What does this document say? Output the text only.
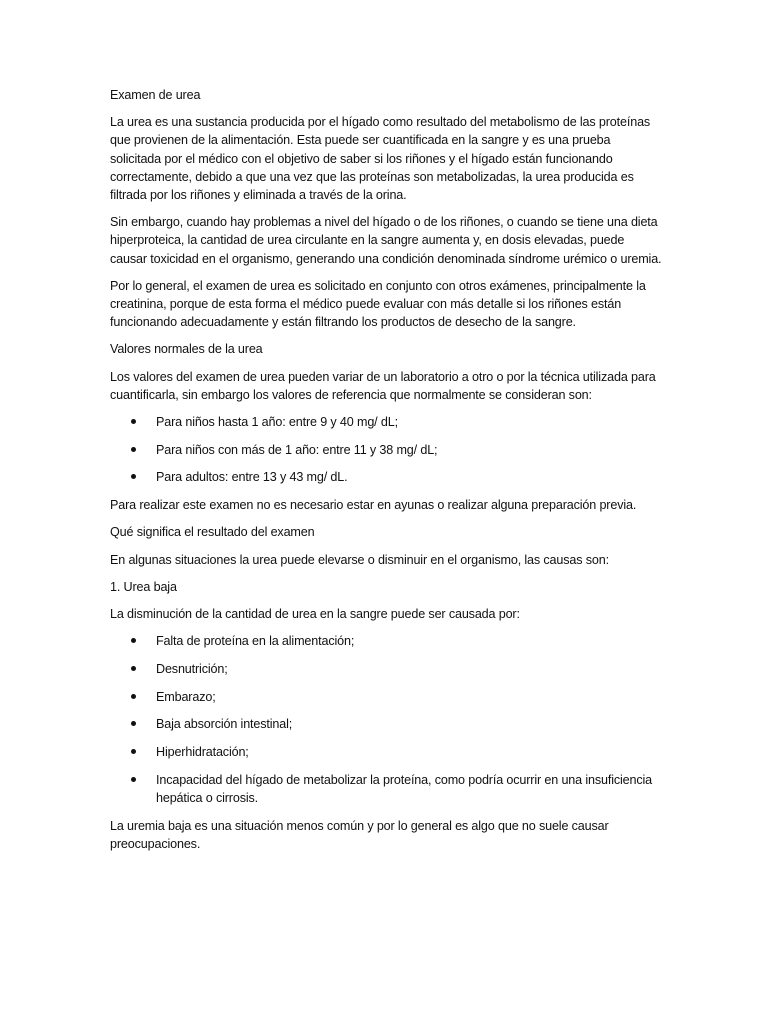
Examen de urea

La urea es una sustancia producida por el hígado como resultado del metabolismo de las proteínas que provienen de la alimentación. Esta puede ser cuantificada en la sangre y es una prueba solicitada por el médico con el objetivo de saber si los riñones y el hígado están funcionando correctamente, debido a que una vez que las proteínas son metabolizadas, la urea producida es filtrada por los riñones y eliminada a través de la orina.

Sin embargo, cuando hay problemas a nivel del hígado o de los riñones, o cuando se tiene una dieta hiperproteica, la cantidad de urea circulante en la sangre aumenta y, en dosis elevadas, puede causar toxicidad en el organismo, generando una condición denominada síndrome urémico o uremia.

Por lo general, el examen de urea es solicitado en conjunto con otros exámenes, principalmente la creatinina, porque de esta forma el médico puede evaluar con más detalle si los riñones están funcionando adecuadamente y están filtrando los productos de desecho de la sangre.

Valores normales de la urea

Los valores del examen de urea pueden variar de un laboratorio a otro o por la técnica utilizada para cuantificarla, sin embargo los valores de referencia que normalmente se consideran son:

Para niños hasta 1 año: entre 9 y 40 mg/ dL;
Para niños con más de 1 año: entre 11 y 38 mg/ dL;
Para adultos: entre 13 y 43 mg/ dL.

Para realizar este examen no es necesario estar en ayunas o realizar alguna preparación previa.

Qué significa el resultado del examen

En algunas situaciones la urea puede elevarse o disminuir en el organismo, las causas son:

1. Urea baja

La disminución de la cantidad de urea en la sangre puede ser causada por:

Falta de proteína en la alimentación;
Desnutrición;
Embarazo;
Baja absorción intestinal;
Hiperhidratación;
Incapacidad del hígado de metabolizar la proteína, como podría ocurrir en una insuficiencia hepática o cirrosis.

La uremia baja es una situación menos común y por lo general es algo que no suele causar preocupaciones.
